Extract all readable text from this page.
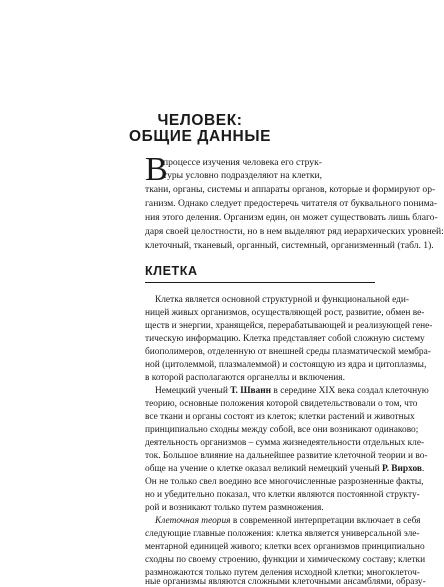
ЧЕЛОВЕК:
ОБЩИЕ ДАННЫЕ
В
процессе изучения человека его струк-
туры условно подразделяют на клетки,
ткани, органы, системы и аппараты органов, которые и формируют ор-
ганизм. Однако следует предостеречь читателя от буквального понима-
ния этого деления. Организм един, он может существовать лишь благо-
даря своей целостности, но в нем выделяют ряд иерархических уровней:
клеточный, тканевый, органный, системный, организменный (табл. 1).
КЛЕТКА
Клетка является основной структурной и функциональной еди-
ницей живых организмов, осуществляющей рост, развитие, обмен ве-
ществ и энергии, хранящейся, перерабатывающей и реализующей гене-
тическую информацию. Клетка представляет собой сложную систему
биополимеров, отделенную от внешней среды плазматической мембра-
ной (цитолеммой, плазмалеммой) и состоящую из ядра и цитоплазмы,
в которой располагаются органеллы и включения.
Немецкий ученый Т. Шванн в середине XIX века создал клеточную
теорию, основные положения которой свидетельствовали о том, что
все ткани и органы состоят из клеток; клетки растений и животных
принципиально сходны между собой, все они возникают одинаково;
деятельность организмов – сумма жизнедеятельности отдельных кле-
ток. Большое влияние на дальнейшее развитие клеточной теории и во-
обще на учение о клетке оказал великий немецкий ученый Р. Вирхов.
Он не только свел воедино все многочисленные разрозненные факты,
но и убедительно показал, что клетки являются постоянной структу-
рой и возникают только путем размножения.
Клеточная теория в современной интерпретации включает в себя
следующие главные положения: клетка является универсальной эле-
ментарной единицей живого; клетки всех организмов принципиально
сходны по своему строению, функции и химическому составу; клетки
размножаются только путем деления исходной клетки; многоклеточ-
ные организмы являются сложными клеточными ансамблями, образу-
